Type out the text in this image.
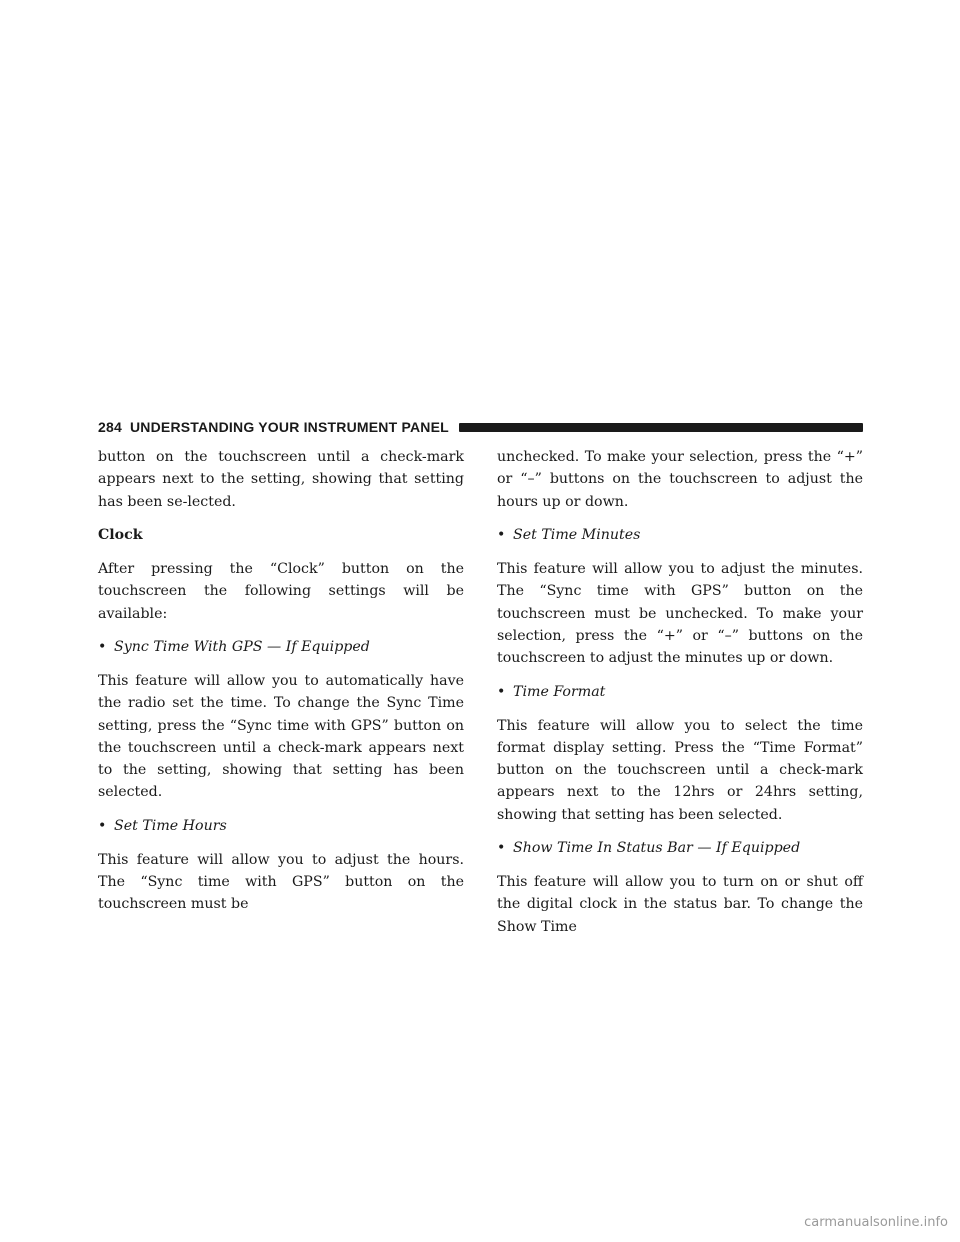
284 UNDERSTANDING YOUR INSTRUMENT PANEL

button on the touchscreen until a check-mark appears next to the setting, showing that setting has been se-lected.

Clock

After pressing the “Clock” button on the touchscreen the following settings will be available:

• Sync Time With GPS — If Equipped

This feature will allow you to automatically have the radio set the time. To change the Sync Time setting, press the “Sync time with GPS” button on the touchscreen until a check-mark appears next to the setting, showing that setting has been selected.

• Set Time Hours

This feature will allow you to adjust the hours. The “Sync time with GPS” button on the touchscreen must be

unchecked. To make your selection, press the “+” or “–” buttons on the touchscreen to adjust the hours up or down.

• Set Time Minutes

This feature will allow you to adjust the minutes. The “Sync time with GPS” button on the touchscreen must be unchecked. To make your selection, press the “+” or “–” buttons on the touchscreen to adjust the minutes up or down.

• Time Format

This feature will allow you to select the time format display setting. Press the “Time Format” button on the touchscreen until a check-mark appears next to the 12hrs or 24hrs setting, showing that setting has been selected.

• Show Time In Status Bar — If Equipped

This feature will allow you to turn on or shut off the digital clock in the status bar. To change the Show Time

carmanualsonline.info
